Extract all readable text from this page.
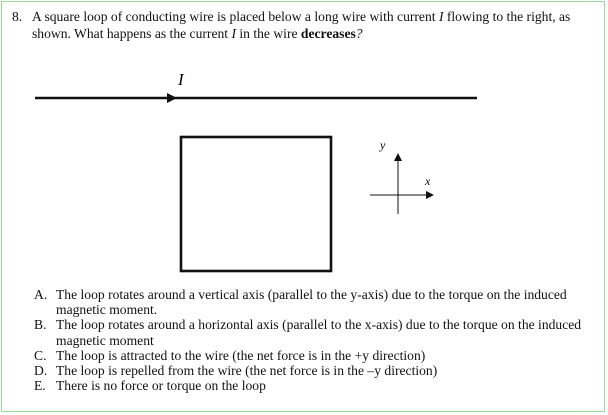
8. A square loop of conducting wire is placed below a long wire with current I flowing to the right, as shown. What happens as the current I in the wire decreases?
I
y
x
A. The loop rotates around a vertical axis (parallel to the y-axis) due to the torque on the induced magnetic moment.
B. The loop rotates around a horizontal axis (parallel to the x-axis) due to the torque on the induced magnetic moment
C. The loop is attracted to the wire (the net force is in the +y direction)
D. The loop is repelled from the wire (the net force is in the –y direction)
E. There is no force or torque on the loop
